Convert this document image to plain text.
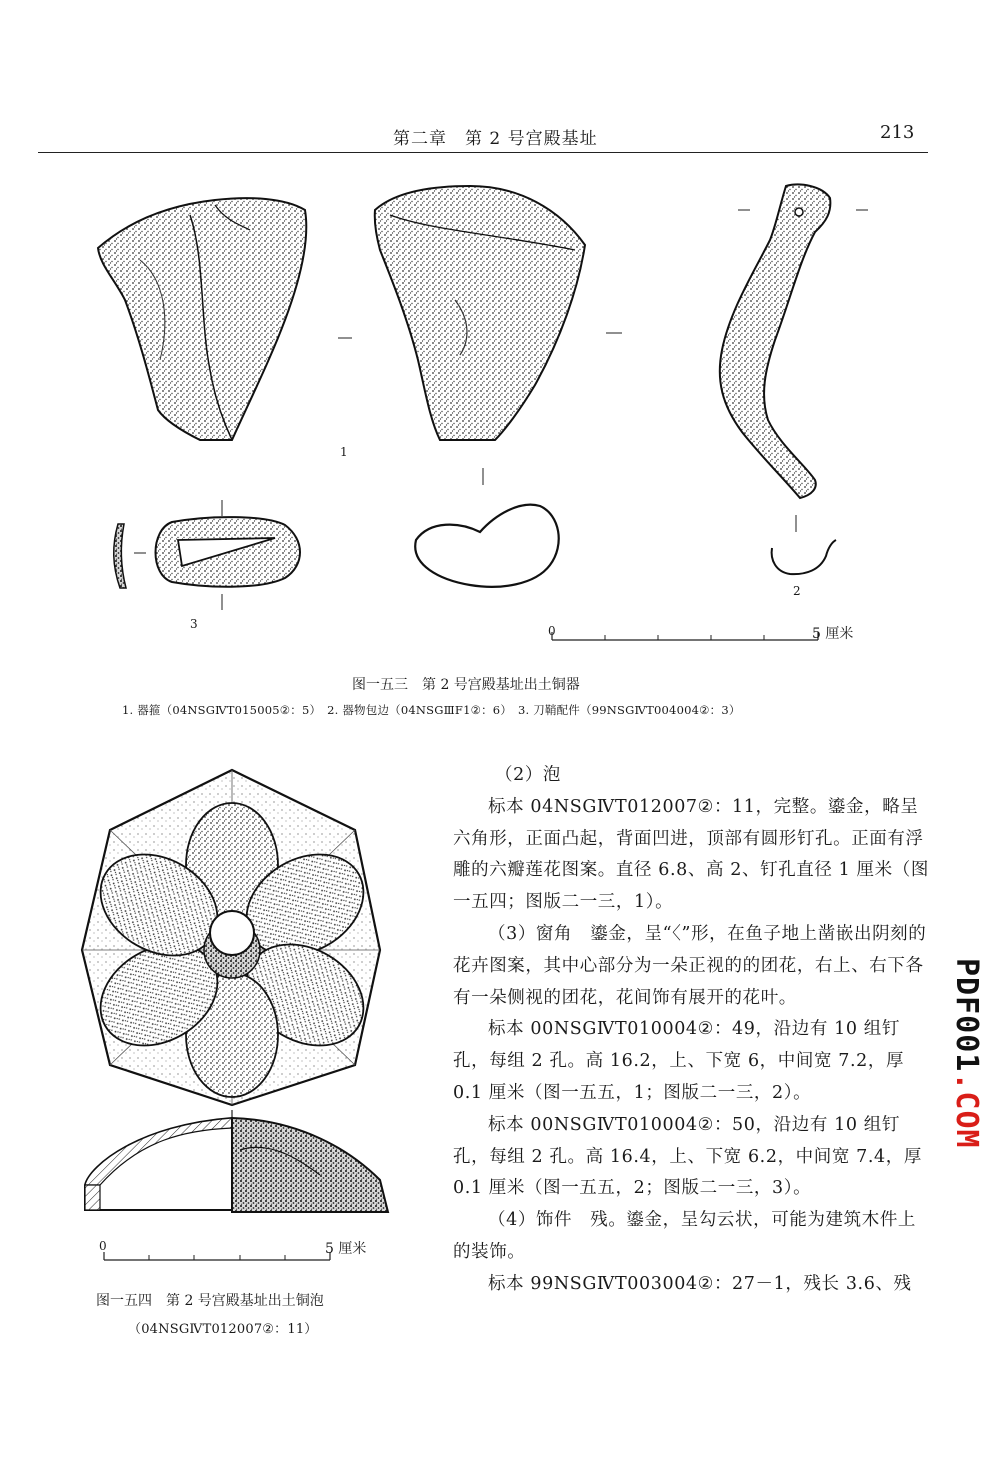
第二章　第 2 号宫殿基址	213
1
2
3	0	5 厘米
图一五三　第 2 号宫殿基址出土铜器
1. 器箍（04NSGⅣT015005②：5）　2. 器物包边（04NSGⅢF1②：6）　3. 刀鞘配件（99NSGⅣT004004②：3）
0	5 厘米
图一五四　第 2 号宫殿基址出土铜泡
（04NSGⅣT012007②：11）

（2）泡

标本 04NSGⅣT012007②：11，完整。鎏金，略呈六角形，正面凸起，背面凹进，顶部有圆形钉孔。正面有浮雕的六瓣莲花图案。直径 6.8、高 2、钉孔直径 1 厘米（图一五四；图版二一三，1）。

（3）窗角　鎏金，呈“〈”形，在鱼子地上凿嵌出阴刻的花卉图案，其中心部分为一朵正视的的团花，右上、右下各有一朵侧视的团花，花间饰有展开的花叶。

标本 00NSGⅣT010004②：49，沿边有 10 组钉孔，每组 2 孔。高 16.2，上、下宽 6，中间宽 7.2，厚 0.1 厘米（图一五五，1；图版二一三，2）。

标本 00NSGⅣT010004②：50，沿边有 10 组钉孔，每组 2 孔。高 16.4，上、下宽 6.2，中间宽 7.4，厚 0.1 厘米（图一五五，2；图版二一三，3）。

（4）饰件　残。鎏金，呈勾云状，可能为建筑木件上的装饰。

标本 99NSGⅣT003004②：27－1，残长 3.6、残

PDF001.COM
